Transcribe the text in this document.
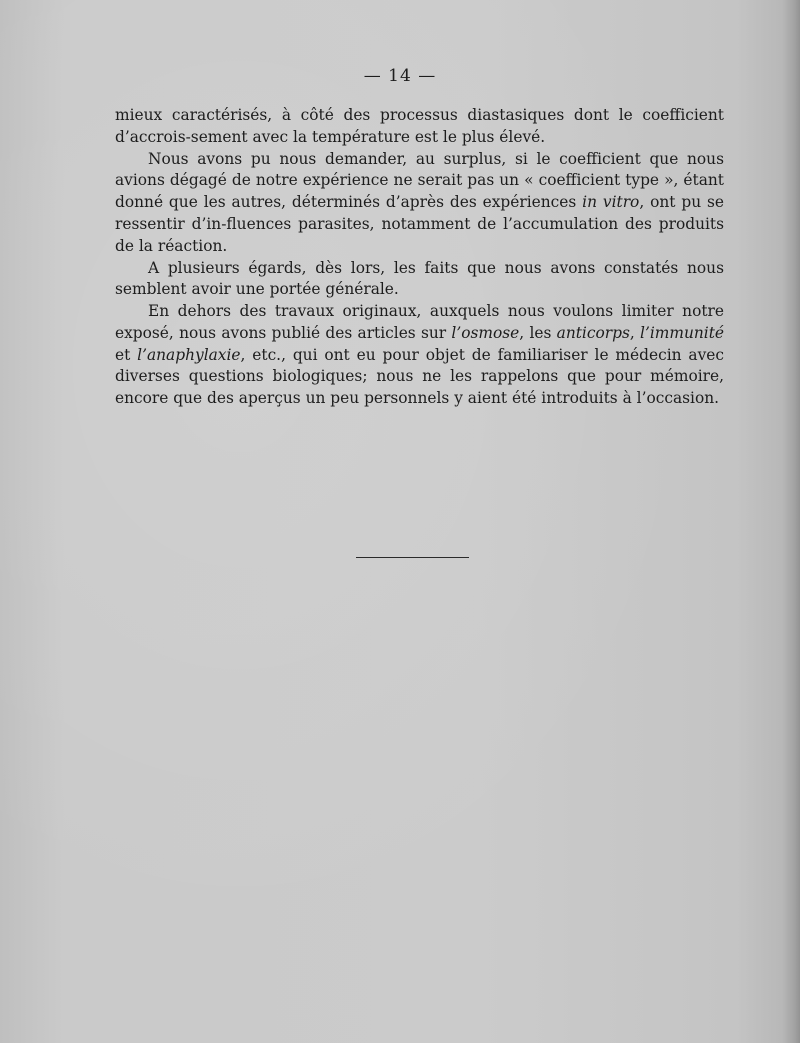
— 14 —

mieux caractérisés, à côté des processus diastasiques dont le coefficient d’accrois-sement avec la température est le plus élevé.

Nous avons pu nous demander, au surplus, si le coefficient que nous avions dégagé de notre expérience ne serait pas un « coefficient type », étant donné que les autres, déterminés d’après des expériences in vitro, ont pu se ressentir d’in-fluences parasites, notamment de l’accumulation des produits de la réaction.

A plusieurs égards, dès lors, les faits que nous avons constatés nous semblent avoir une portée générale.

En dehors des travaux originaux, auxquels nous voulons limiter notre exposé, nous avons publié des articles sur l’osmose, les anticorps, l’immunité et l’anaphylaxie, etc., qui ont eu pour objet de familiariser le médecin avec diverses questions biologiques; nous ne les rappelons que pour mémoire, encore que des aperçus un peu personnels y aient été introduits à l’occasion.
